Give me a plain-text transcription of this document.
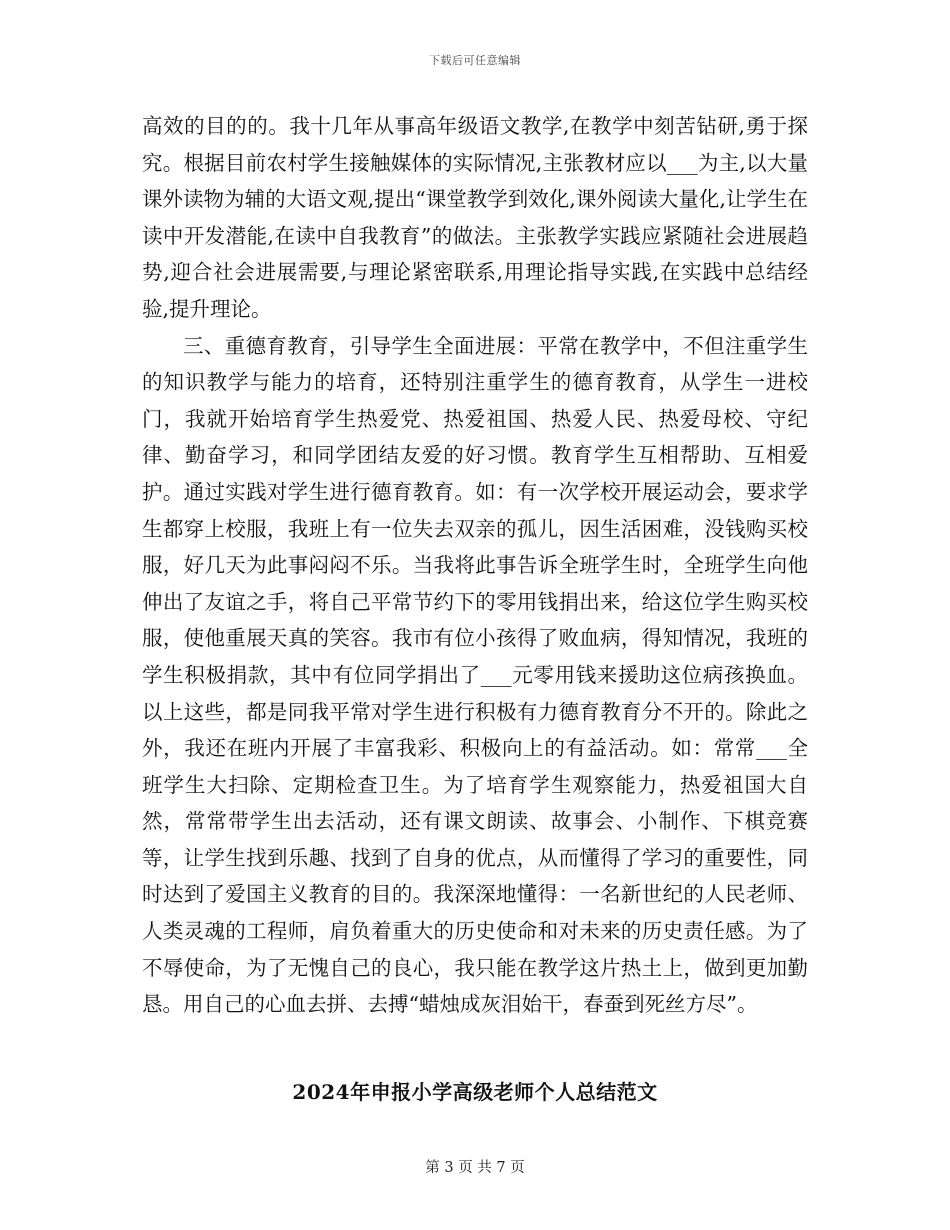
下载后可任意编辑

高效的目的的。我十几年从事高年级语文教学,在教学中刻苦钻研,勇于探究。根据目前农村学生接触媒体的实际情况,主张教材应以___为主,以大量课外读物为辅的大语文观,提出“课堂教学到效化,课外阅读大量化,让学生在读中开发潜能,在读中自我教育”的做法。主张教学实践应紧随社会进展趋势,迎合社会进展需要,与理论紧密联系,用理论指导实践,在实践中总结经验,提升理论。

三、重德育教育，引导学生全面进展：平常在教学中，不但注重学生的知识教学与能力的培育，还特别注重学生的德育教育，从学生一进校门，我就开始培育学生热爱党、热爱祖国、热爱人民、热爱母校、守纪律、勤奋学习，和同学团结友爱的好习惯。教育学生互相帮助、互相爱护。通过实践对学生进行德育教育。如：有一次学校开展运动会，要求学生都穿上校服，我班上有一位失去双亲的孤儿，因生活困难，没钱购买校服，好几天为此事闷闷不乐。当我将此事告诉全班学生时，全班学生向他伸出了友谊之手，将自己平常节约下的零用钱捐出来，给这位学生购买校服，使他重展天真的笑容。我市有位小孩得了败血病，得知情况，我班的学生积极捐款，其中有位同学捐出了___元零用钱来援助这位病孩换血。以上这些，都是同我平常对学生进行积极有力德育教育分不开的。除此之外，我还在班内开展了丰富我彩、积极向上的有益活动。如：常常___全班学生大扫除、定期检查卫生。为了培育学生观察能力，热爱祖国大自然，常常带学生出去活动，还有课文朗读、故事会、小制作、下棋竞赛等，让学生找到乐趣、找到了自身的优点，从而懂得了学习的重要性，同时达到了爱国主义教育的目的。我深深地懂得：一名新世纪的人民老师、人类灵魂的工程师，肩负着重大的历史使命和对未来的历史责任感。为了不辱使命，为了无愧自己的良心，我只能在教学这片热土上，做到更加勤恳。用自己的心血去拼、去搏“蜡烛成灰泪始干，春蚕到死丝方尽”。

2024年申报小学高级老师个人总结范文
第 3 页 共 7 页
